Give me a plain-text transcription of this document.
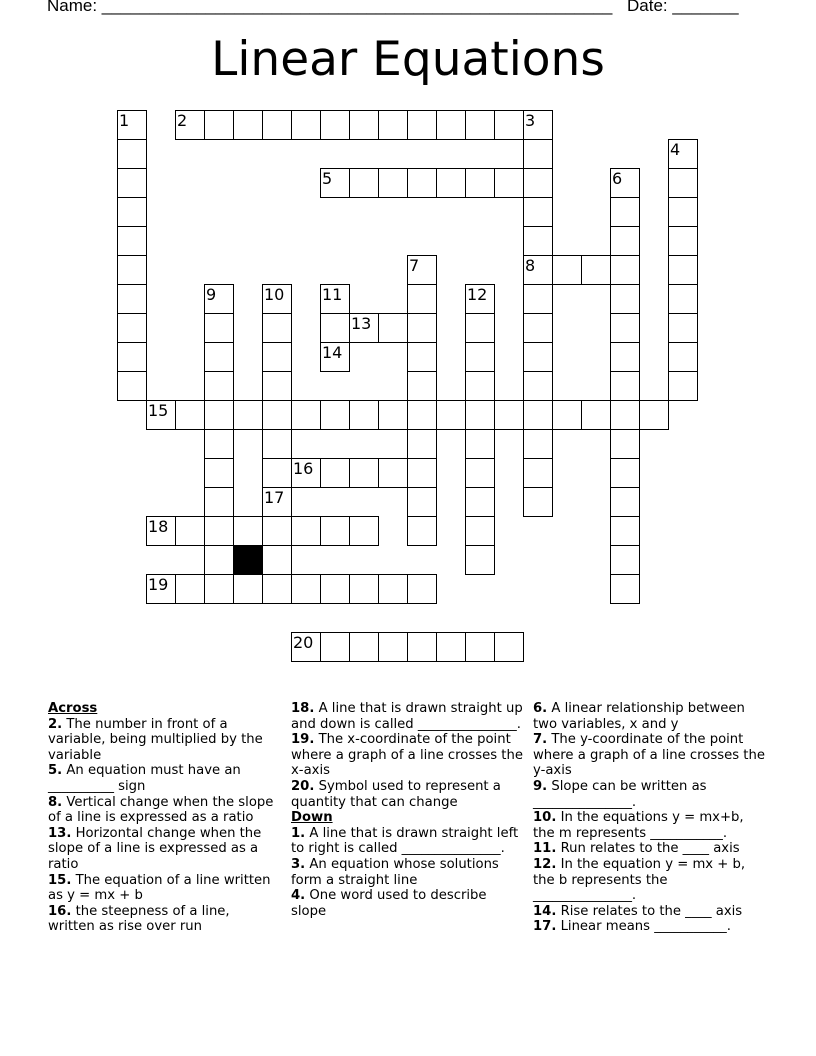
Name: ______________________________________________________ Date: _______
Linear Equations
1	2	3
4
5	6
7	8
9	10 11	12
13
14
15
16
17
18
19
20

Across

2. The number in front of a variable, being multiplied by the variable

5. An equation must have an __________ sign

8. Vertical change when the slope of a line is expressed as a ratio

13. Horizontal change when the slope of a line is expressed as a ratio

15. The equation of a line written as y = mx + b

16. the steepness of a line, written as rise over run

18. A line that is drawn straight up and down is called _______________.

19. The x-coordinate of the point where a graph of a line crosses the x-axis

20. Symbol used to represent a quantity that can change

Down

1. A line that is drawn straight left to right is called _______________.

3. An equation whose solutions form a straight line

4. One word used to describe slope

6. A linear relationship between two variables, x and y

7. The y-coordinate of the point where a graph of a line crosses the y-axis

9. Slope can be written as _______________.

10. In the equations y = mx+b, the m represents ___________.

11. Run relates to the ____ axis

12. In the equation y = mx + b, the b represents the _______________.

14. Rise relates to the ____ axis

17. Linear means ___________.
